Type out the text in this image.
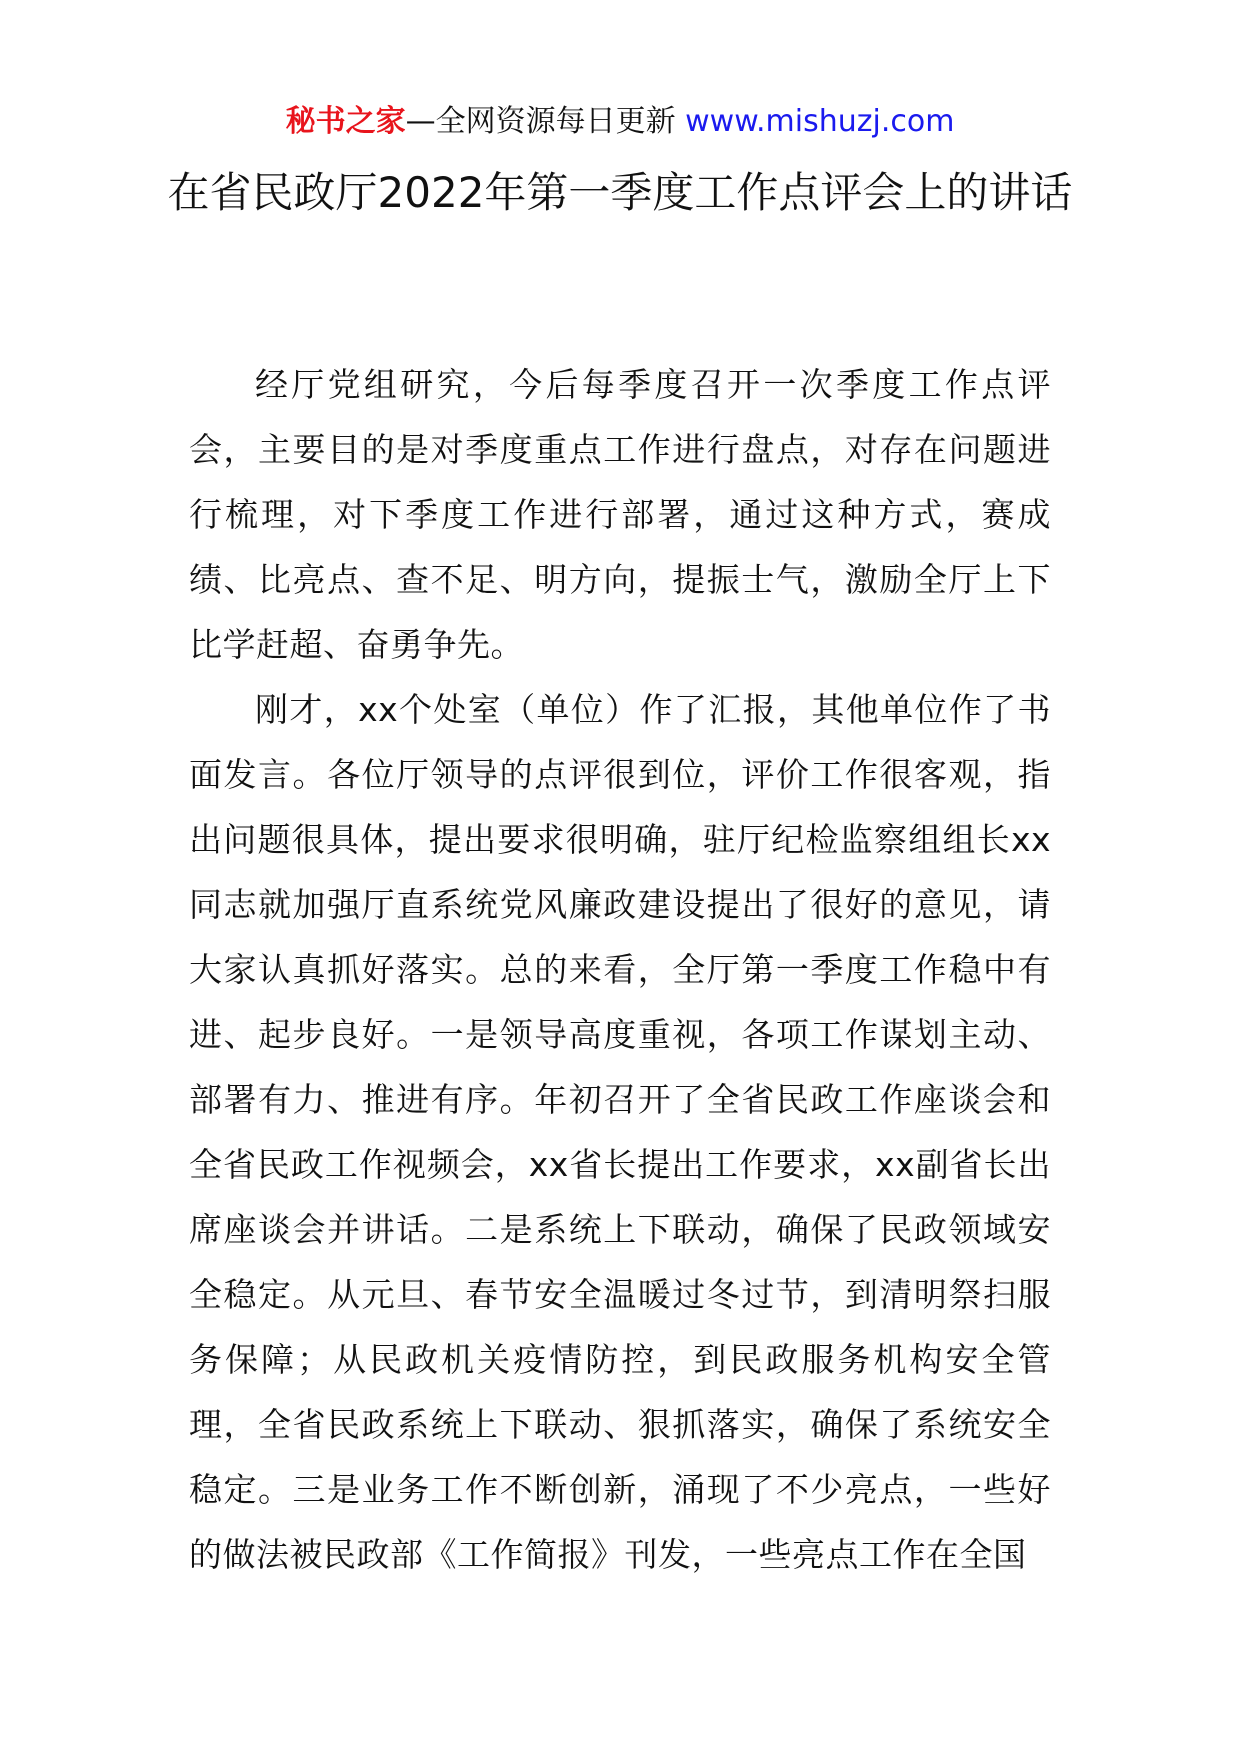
秘书之家—全网资源每日更新 www.mishuzj.com
在省民政厅2022年第一季度工作点评会上的讲话

经厅党组研究，今后每季度召开一次季度工作点评会，主要目的是对季度重点工作进行盘点，对存在问题进行梳理，对下季度工作进行部署，通过这种方式，赛成绩、比亮点、查不足、明方向，提振士气，激励全厅上下比学赶超、奋勇争先。

刚才，xx个处室（单位）作了汇报，其他单位作了书面发言。各位厅领导的点评很到位，评价工作很客观，指出问题很具体，提出要求很明确，驻厅纪检监察组组长xx同志就加强厅直系统党风廉政建设提出了很好的意见，请大家认真抓好落实。总的来看，全厅第一季度工作稳中有进、起步良好。一是领导高度重视，各项工作谋划主动、部署有力、推进有序。年初召开了全省民政工作座谈会和全省民政工作视频会，xx省长提出工作要求，xx副省长出席座谈会并讲话。二是系统上下联动，确保了民政领域安全稳定。从元旦、春节安全温暖过冬过节，到清明祭扫服务保障；从民政机关疫情防控，到民政服务机构安全管理，全省民政系统上下联动、狠抓落实，确保了系统安全稳定。三是业务工作不断创新，涌现了不少亮点，一些好的做法被民政部《工作简报》刊发，一些亮点工作在全国
